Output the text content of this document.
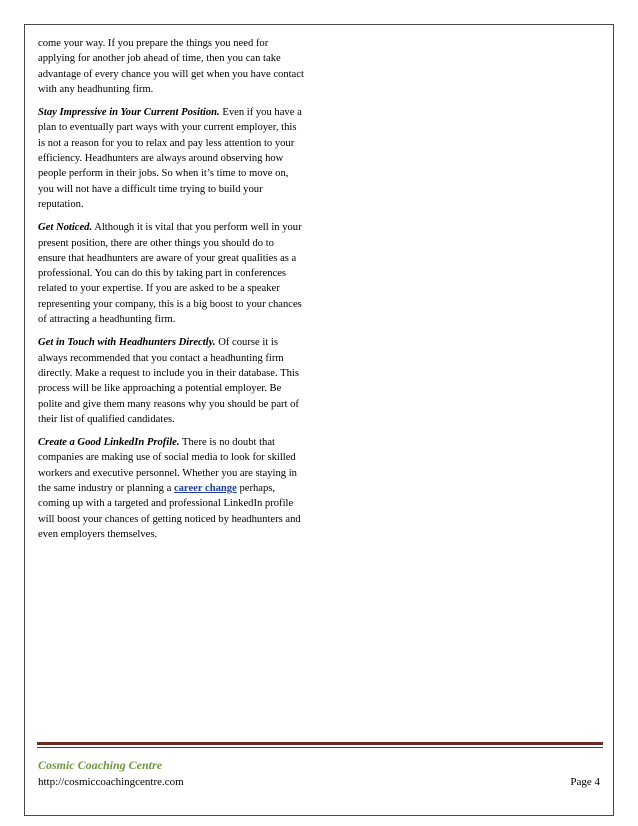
come your way. If you prepare the things you need for applying for another job ahead of time, then you can take advantage of every chance you will get when you have contact with any headhunting firm.

Stay Impressive in Your Current Position. Even if you have a plan to eventually part ways with your current employer, this is not a reason for you to relax and pay less attention to your efficiency. Headhunters are always around observing how people perform in their jobs. So when it’s time to move on, you will not have a difficult time trying to build your reputation.

Get Noticed. Although it is vital that you perform well in your present position, there are other things you should do to ensure that headhunters are aware of your great qualities as a professional. You can do this by taking part in conferences related to your expertise. If you are asked to be a speaker representing your company, this is a big boost to your chances of attracting a headhunting firm.

Get in Touch with Headhunters Directly. Of course it is always recommended that you contact a headhunting firm directly. Make a request to include you in their database. This process will be like approaching a potential employer. Be polite and give them many reasons why you should be part of their list of qualified candidates.

Create a Good LinkedIn Profile. There is no doubt that companies are making use of social media to look for skilled workers and executive personnel. Whether you are staying in the same industry or planning a career change perhaps, coming up with a targeted and professional LinkedIn profile will boost your chances of getting noticed by headhunters and even employers themselves.

Cosmic Coaching Centre
http://cosmiccoachingcentre.com	Page 4
